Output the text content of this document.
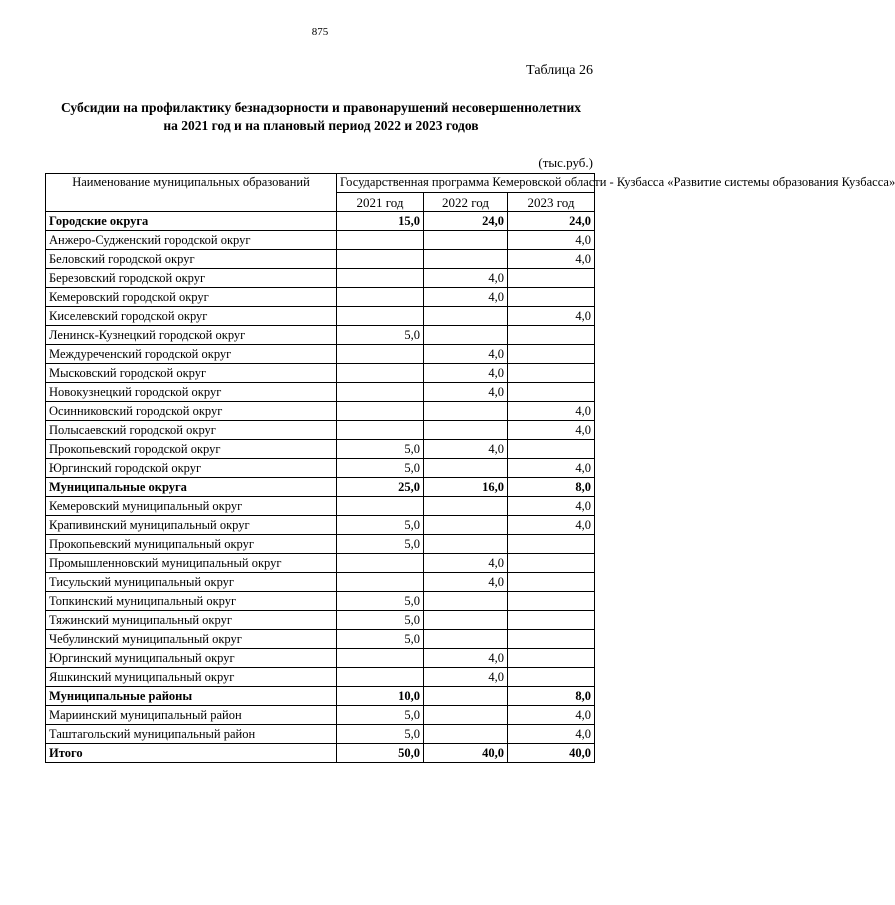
875
Таблица 26
Субсидии на профилактику безнадзорности и правонарушений несовершеннолетних
на 2021 год и на плановый период 2022 и 2023 годов
(тыс.руб.)
Наименование муниципальных образований	Государственная программа Кемеровской области - Кузбасса «Развитие системы образования Кузбасса»		
	2021 год	2022 год	2023 год
Городские округа	15,0	24,0	24,0
Анжеро-Судженский городской округ			4,0
Беловский городской округ			4,0
Березовский городской округ		4,0	
Кемеровский городской округ		4,0	
Киселевский городской округ			4,0
Ленинск-Кузнецкий городской округ	5,0		
Междуреченский городской округ		4,0	
Мысковский городской округ		4,0	
Новокузнецкий городской округ		4,0	
Осинниковский городской округ			4,0
Полысаевский городской округ			4,0
Прокопьевский городской округ	5,0	4,0	
Юргинский городской округ	5,0		4,0
Муниципальные округа	25,0	16,0	8,0
Кемеровский муниципальный округ			4,0
Крапивинский муниципальный округ	5,0		4,0
Прокопьевский муниципальный округ	5,0		
Промышленновский муниципальный округ		4,0	
Тисульский муниципальный округ		4,0	
Топкинский муниципальный округ	5,0		
Тяжинский муниципальный округ	5,0		
Чебулинский муниципальный округ	5,0		
Юргинский муниципальный округ		4,0	
Яшкинский муниципальный округ		4,0	
Муниципальные районы	10,0		8,0
Мариинский муниципальный район	5,0		4,0
Таштагольский муниципальный район	5,0		4,0
Итого	50,0	40,0	40,0
